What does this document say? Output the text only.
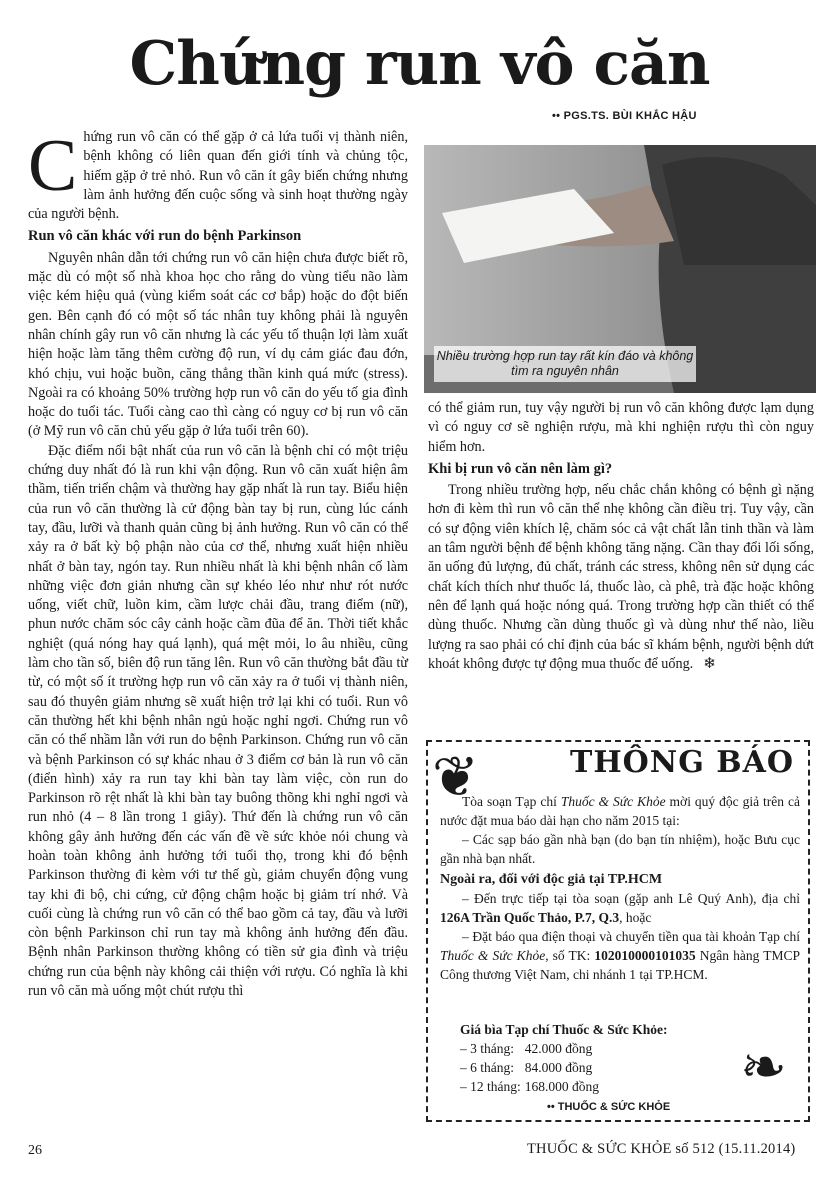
Chứng run vô căn
•• PGS.TS. BÙI KHẮC HẬU

Chứng run vô căn có thể gặp ở cả lứa tuổi vị thành niên, bệnh không có liên quan đến giới tính và chủng tộc, hiếm gặp ở trẻ nhỏ. Run vô căn ít gây biến chứng nhưng làm ảnh hưởng đến cuộc sống và sinh hoạt thường ngày của người bệnh.

Run vô căn khác với run do bệnh Parkinson

Nguyên nhân dẫn tới chứng run vô căn hiện chưa được biết rõ, mặc dù có một số nhà khoa học cho rằng do vùng tiểu não làm việc kém hiệu quả (vùng kiểm soát các cơ bắp) hoặc do đột biến gen. Bên cạnh đó có một số tác nhân tuy không phải là nguyên nhân chính gây run vô căn nhưng là các yếu tố thuận lợi làm xuất hiện hoặc làm tăng thêm cường độ run, ví dụ cảm giác đau đớn, khó chịu, vui hoặc buồn, căng thẳng thần kinh quá mức (stress). Ngoài ra có khoảng 50% trường hợp run vô căn do yếu tố gia đình hoặc do tuổi tác. Tuổi càng cao thì càng có nguy cơ bị run vô căn (ở Mỹ run vô căn chủ yếu gặp ở lứa tuổi trên 60).

Đặc điểm nổi bật nhất của run vô căn là bệnh chỉ có một triệu chứng duy nhất đó là run khi vận động. Run vô căn xuất hiện âm thầm, tiến triển chậm và thường hay gặp nhất là run tay. Biểu hiện của run vô căn thường là cử động bàn tay bị run, cùng lúc cánh tay, đầu, lưỡi và thanh quản cũng bị ảnh hưởng. Run vô căn có thể xảy ra ở bất kỳ bộ phận nào của cơ thể, nhưng xuất hiện nhiều nhất ở bàn tay, ngón tay. Run nhiều nhất là khi bệnh nhân cố làm những việc đơn giản nhưng cần sự khéo léo như như rót nước uống, viết chữ, luồn kim, cầm lược chải đầu, trang điểm (nữ), phun nước chăm sóc cây cảnh hoặc cầm đũa để ăn. Thời tiết khắc nghiệt (quá nóng hay quá lạnh), quá mệt mỏi, lo âu nhiều, cũng làm cho tần số, biên độ run tăng lên. Run vô căn thường bắt đầu từ từ, có một số ít trường hợp run vô căn xảy ra ở tuổi vị thành niên, sau đó thuyên giảm nhưng sẽ xuất hiện trở lại khi có tuổi. Run vô căn thường hết khi bệnh nhân ngủ hoặc nghỉ ngơi. Chứng run vô căn có thể nhầm lẫn với run do bệnh Parkinson. Chứng run vô căn và bệnh Parkinson có sự khác nhau ở 3 điểm cơ bản là run vô căn (điển hình) xảy ra run tay khi bàn tay làm việc, còn run do Parkinson rõ rệt nhất là khi bàn tay buông thõng khi nghỉ ngơi và run nhỏ (4 – 8 lần trong 1 giây). Thứ đến là chứng run vô căn không gây ảnh hưởng đến các vấn đề về sức khỏe nói chung và hoàn toàn không ảnh hưởng tới tuổi thọ, trong khi đó bệnh Parkinson thường đi kèm với tư thế gù, giảm chuyển động vung tay khi đi bộ, chi cứng, cử động chậm hoặc bị giảm trí nhớ. Và cuối cùng là chứng run vô căn có thể bao gồm cả tay, đầu và lưỡi còn bệnh Parkinson chỉ run tay mà không ảnh hưởng đến đầu. Bệnh nhân Parkinson thường không có tiền sử gia đình và triệu chứng run của bệnh này không cải thiện với rượu. Có nghĩa là khi run vô căn mà uống một chút rượu thì

Nhiều trường hợp run tay rất kín đáo và không tìm ra nguyên nhân

có thể giảm run, tuy vậy người bị run vô căn không được lạm dụng vì có nguy cơ sẽ nghiện rượu, mà khi nghiện rượu thì còn nguy hiểm hơn.

Khi bị run vô căn nên làm gì?

Trong nhiều trường hợp, nếu chắc chắn không có bệnh gì nặng hơn đi kèm thì run vô căn thể nhẹ không cần điều trị. Tuy vậy, cần có sự động viên khích lệ, chăm sóc cả vật chất lẫn tinh thần và làm an tâm người bệnh để bệnh không tăng nặng. Cần thay đổi lối sống, ăn uống đủ lượng, đủ chất, tránh các stress, không nên sử dụng các chất kích thích như thuốc lá, thuốc lào, cà phê, trà đặc hoặc không nên để lạnh quá hoặc nóng quá. Trong trường hợp cần thiết có thể dùng thuốc. Nhưng cần dùng thuốc gì và dùng như thế nào, liều lượng ra sao phải có chỉ định của bác sĩ khám bệnh, người bệnh dứt khoát không được tự động mua thuốc để uống. ❄

❦
❧
THÔNG BÁO

Tòa soạn Tạp chí Thuốc & Sức Khỏe mời quý độc giả trên cả nước đặt mua báo dài hạn cho năm 2015 tại:

– Các sạp báo gần nhà bạn (do bạn tín nhiệm), hoặc Bưu cục gần nhà bạn nhất.

Ngoài ra, đối với độc giả tại TP.HCM

– Đến trực tiếp tại tòa soạn (gặp anh Lê Quý Anh), địa chỉ 126A Trần Quốc Thảo, P.7, Q.3, hoặc

– Đặt báo qua điện thoại và chuyển tiền qua tài khoản Tạp chí Thuốc & Sức Khỏe, số TK: 102010000101035 Ngân hàng TMCP Công thương Việt Nam, chi nhánh 1 tại TP.HCM.

Giá bìa Tạp chí Thuốc & Sức Khỏe:
– 3 tháng:	42.000 đồng
– 6 tháng:	84.000 đồng
– 12 tháng:	168.000 đồng
•• THUỐC & SỨC KHỎE
26	THUỐC & SỨC KHỎE số 512 (15.11.2014)
